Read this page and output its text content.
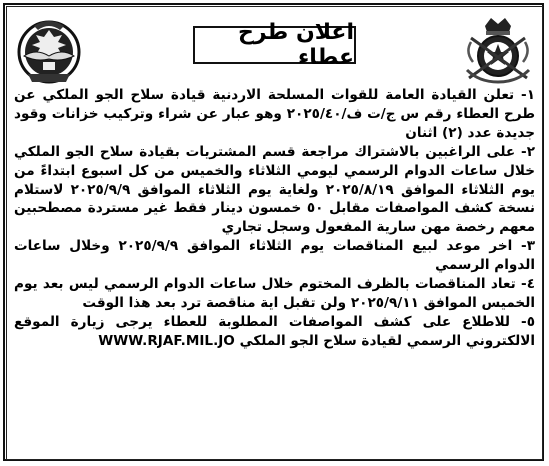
اعلان طرح عطاء

١- تعلن القيادة العامة للقوات المسلحة الاردنية قيادة سلاح الجو الملكي عن طرح العطاء رقم س ج/ت ف/٢٠٢٥/٤٠ وهو عبار عن شراء وتركيب خزانات وقود جديدة عدد (٢) اثنان

٢- على الراغبين بالاشتراك مراجعة قسم المشتريات بقيادة سلاح الجو الملكي خلال ساعات الدوام الرسمي ليومي الثلاثاء والخميس من كل اسبوع ابتداءً من يوم الثلاثاء الموافق ٢٠٢٥/٨/١٩ ولغاية يوم الثلاثاء الموافق ٢٠٢٥/٩/٩ لاستلام نسخة كشف المواصفات مقابل ٥٠ خمسون دينار فقط غير مستردة مصطحبين معهم رخصة مهن سارية المفعول وسجل تجاري

٣- اخر موعد لبيع المناقصات يوم الثلاثاء الموافق ٢٠٢٥/٩/٩ وخلال ساعات الدوام الرسمي

٤- تعاد المناقصات بالظرف المختوم خلال ساعات الدوام الرسمي ليس بعد يوم الخميس الموافق ٢٠٢٥/٩/١١ ولن تقبل اية مناقصة ترد بعد هذا الوقت

٥- للاطلاع على كشف المواصفات المطلوبة للعطاء يرجى زيارة الموقع الالكتروني الرسمي لقيادة سلاح الجو الملكي WWW.RJAF.MIL.JO
